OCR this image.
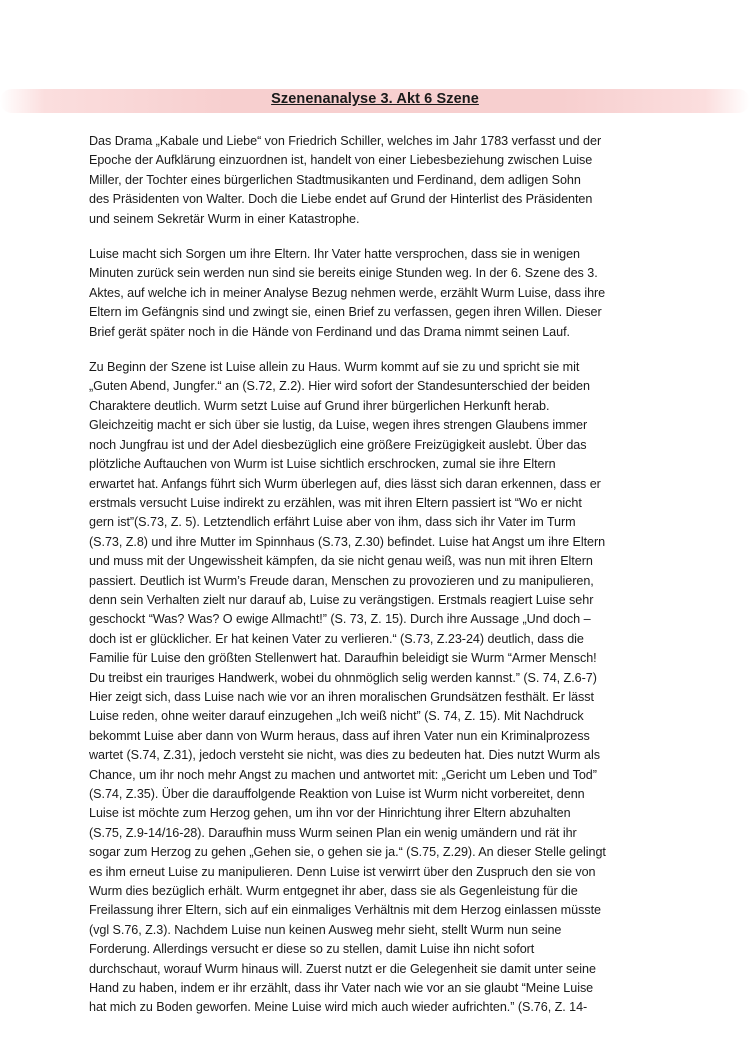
Szenenanalyse 3. Akt 6 Szene

Das Drama „Kabale und Liebe“ von Friedrich Schiller, welches im Jahr 1783 verfasst und der
Epoche der Aufklärung einzuordnen ist, handelt von einer Liebesbeziehung zwischen Luise
Miller, der Tochter eines bürgerlichen Stadtmusikanten und Ferdinand, dem adligen Sohn
des Präsidenten von Walter. Doch die Liebe endet auf Grund der Hinterlist des Präsidenten
und seinem Sekretär Wurm in einer Katastrophe.

Luise macht sich Sorgen um ihre Eltern. Ihr Vater hatte versprochen, dass sie in wenigen
Minuten zurück sein werden nun sind sie bereits einige Stunden weg. In der 6. Szene des 3.
Aktes, auf welche ich in meiner Analyse Bezug nehmen werde, erzählt Wurm Luise, dass ihre
Eltern im Gefängnis sind und zwingt sie, einen Brief zu verfassen, gegen ihren Willen. Dieser
Brief gerät später noch in die Hände von Ferdinand und das Drama nimmt seinen Lauf.

Zu Beginn der Szene ist Luise allein zu Haus. Wurm kommt auf sie zu und spricht sie mit
„Guten Abend, Jungfer.“ an (S.72, Z.2). Hier wird sofort der Standesunterschied der beiden
Charaktere deutlich. Wurm setzt Luise auf Grund ihrer bürgerlichen Herkunft herab.
Gleichzeitig macht er sich über sie lustig, da Luise, wegen ihres strengen Glaubens immer
noch Jungfrau ist und der Adel diesbezüglich eine größere Freizügigkeit auslebt. Über das
plötzliche Auftauchen von Wurm ist Luise sichtlich erschrocken, zumal sie ihre Eltern
erwartet hat. Anfangs führt sich Wurm überlegen auf, dies lässt sich daran erkennen, dass er
erstmals versucht Luise indirekt zu erzählen, was mit ihren Eltern passiert ist “Wo er nicht
gern ist”(S.73, Z. 5). Letztendlich erfährt Luise aber von ihm, dass sich ihr Vater im Turm
(S.73, Z.8) und ihre Mutter im Spinnhaus (S.73, Z.30) befindet. Luise hat Angst um ihre Eltern
und muss mit der Ungewissheit kämpfen, da sie nicht genau weiß, was nun mit ihren Eltern
passiert. Deutlich ist Wurm’s Freude daran, Menschen zu provozieren und zu manipulieren,
denn sein Verhalten zielt nur darauf ab, Luise zu verängstigen. Erstmals reagiert Luise sehr
geschockt “Was? Was? O ewige Allmacht!” (S. 73, Z. 15). Durch ihre Aussage „Und doch –
doch ist er glücklicher. Er hat keinen Vater zu verlieren.“ (S.73, Z.23-24) deutlich, dass die
Familie für Luise den größten Stellenwert hat. Daraufhin beleidigt sie Wurm “Armer Mensch!
Du treibst ein trauriges Handwerk, wobei du ohnmöglich selig werden kannst.” (S. 74, Z.6-7)
Hier zeigt sich, dass Luise nach wie vor an ihren moralischen Grundsätzen festhält. Er lässt
Luise reden, ohne weiter darauf einzugehen „Ich weiß nicht” (S. 74, Z. 15). Mit Nachdruck
bekommt Luise aber dann von Wurm heraus, dass auf ihren Vater nun ein Kriminalprozess
wartet (S.74, Z.31), jedoch versteht sie nicht, was dies zu bedeuten hat. Dies nutzt Wurm als
Chance, um ihr noch mehr Angst zu machen und antwortet mit: „Gericht um Leben und Tod”
(S.74, Z.35). Über die darauffolgende Reaktion von Luise ist Wurm nicht vorbereitet, denn
Luise ist möchte zum Herzog gehen, um ihn vor der Hinrichtung ihrer Eltern abzuhalten
(S.75, Z.9-14/16-28). Daraufhin muss Wurm seinen Plan ein wenig umändern und rät ihr
sogar zum Herzog zu gehen „Gehen sie, o gehen sie ja.“ (S.75, Z.29). An dieser Stelle gelingt
es ihm erneut Luise zu manipulieren. Denn Luise ist verwirrt über den Zuspruch den sie von
Wurm dies bezüglich erhält. Wurm entgegnet ihr aber, dass sie als Gegenleistung für die
Freilassung ihrer Eltern, sich auf ein einmaliges Verhältnis mit dem Herzog einlassen müsste
(vgl S.76, Z.3). Nachdem Luise nun keinen Ausweg mehr sieht, stellt Wurm nun seine
Forderung. Allerdings versucht er diese so zu stellen, damit Luise ihn nicht sofort
durchschaut, worauf Wurm hinaus will. Zuerst nutzt er die Gelegenheit sie damit unter seine
Hand zu haben, indem er ihr erzählt, dass ihr Vater nach wie vor an sie glaubt “Meine Luise
hat mich zu Boden geworfen. Meine Luise wird mich auch wieder aufrichten.” (S.76, Z. 14-
